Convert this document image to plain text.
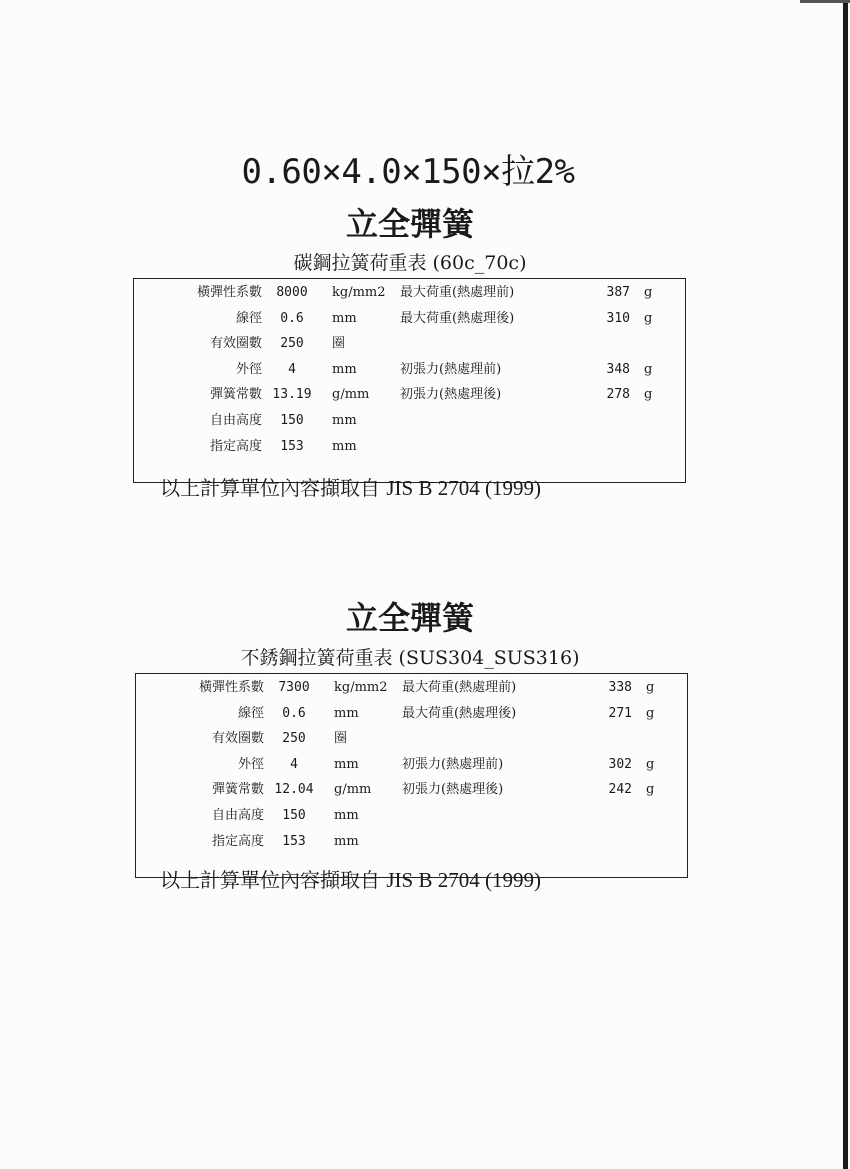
0.60×4.0×150×拉2%
立全彈簧
碳鋼拉簧荷重表 (60c_70c)
橫彈性系數	8000	kg/mm2 最大荷重(熱處理前)	387 g
線徑	0.6	mm	最大荷重(熱處理後)	310 g
有效圈數	250	圈
外徑	4	mm	初張力(熱處理前)	348 g
彈簧常數 13.19	g/mm 初張力(熱處理後)	278 g
自由高度	150	mm
指定高度	153	mm
以上計算單位內容擷取自 JIS B 2704 (1999)
立全彈簧
不銹鋼拉簧荷重表 (SUS304_SUS316)
橫彈性系數	7300	kg/mm2 最大荷重(熱處理前)	338 g
線徑	0.6	mm	最大荷重(熱處理後)	271 g
有效圈數	250	圈
外徑	4	mm	初張力(熱處理前)	302 g
彈簧常數 12.04	g/mm 初張力(熱處理後)	242 g
自由高度	150	mm
指定高度	153	mm
以上計算單位內容擷取自 JIS B 2704 (1999)
